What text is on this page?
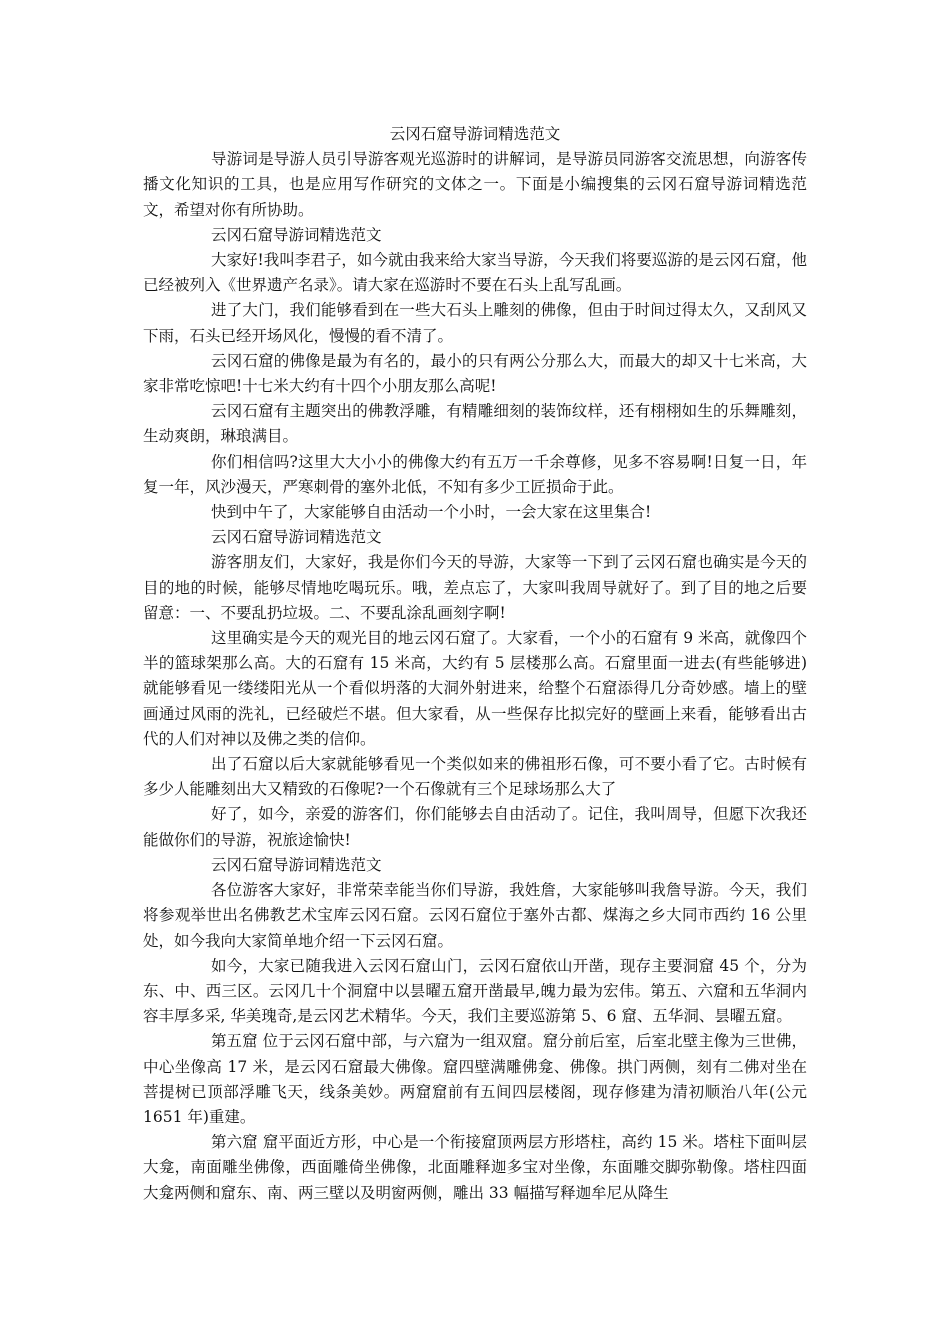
云冈石窟导游词精选范文

导游词是导游人员引导游客观光巡游时的讲解词，是导游员同游客交流思想，向游客传播文化知识的工具，也是应用写作研究的文体之一。下面是小编搜集的云冈石窟导游词精选范文，希望对你有所协助。

云冈石窟导游词精选范文

大家好!我叫李君子，如今就由我来给大家当导游，今天我们将要巡游的是云冈石窟，他已经被列入《世界遗产名录》。请大家在巡游时不要在石头上乱写乱画。

进了大门，我们能够看到在一些大石头上雕刻的佛像，但由于时间过得太久，又刮风又下雨，石头已经开场风化，慢慢的看不清了。

云冈石窟的佛像是最为有名的，最小的只有两公分那么大，而最大的却又十七米高，大家非常吃惊吧!十七米大约有十四个小朋友那么高呢!

云冈石窟有主题突出的佛教浮雕，有精雕细刻的装饰纹样，还有栩栩如生的乐舞雕刻，生动爽朗，琳琅满目。

你们相信吗?这里大大小小的佛像大约有五万一千余尊修，见多不容易啊!日复一日，年复一年，风沙漫天，严寒刺骨的塞外北低，不知有多少工匠损命于此。

快到中午了，大家能够自由活动一个小时，一会大家在这里集合!

云冈石窟导游词精选范文

游客朋友们，大家好，我是你们今天的导游，大家等一下到了云冈石窟也确实是今天的目的地的时候，能够尽情地吃喝玩乐。哦，差点忘了，大家叫我周导就好了。到了目的地之后要留意：一、不要乱扔垃圾。二、不要乱涂乱画刻字啊!

这里确实是今天的观光目的地云冈石窟了。大家看，一个小的石窟有 9 米高，就像四个半的篮球架那么高。大的石窟有 15 米高，大约有 5 层楼那么高。石窟里面一进去(有些能够进)就能够看见一缕缕阳光从一个看似坍落的大洞外射进来，给整个石窟添得几分奇妙感。墙上的壁画通过风雨的洗礼，已经破烂不堪。但大家看，从一些保存比拟完好的壁画上来看，能够看出古代的人们对神以及佛之类的信仰。

出了石窟以后大家就能够看见一个类似如来的佛祖形石像，可不要小看了它。古时候有多少人能雕刻出大又精致的石像呢?一个石像就有三个足球场那么大了

好了，如今，亲爱的游客们，你们能够去自由活动了。记住，我叫周导，但愿下次我还能做你们的导游，祝旅途愉快!

云冈石窟导游词精选范文

各位游客大家好，非常荣幸能当你们导游，我姓詹，大家能够叫我詹导游。今天，我们将参观举世出名佛教艺术宝库云冈石窟。云冈石窟位于塞外古都、煤海之乡大同市西约 16 公里处，如今我向大家简单地介绍一下云冈石窟。

如今，大家已随我进入云冈石窟山门，云冈石窟依山开凿，现存主要洞窟 45 个，分为东、中、西三区。云冈几十个洞窟中以昙曜五窟开凿最早,魄力最为宏伟。第五、六窟和五华洞内容丰厚多采, 华美瑰奇,是云冈艺术精华。今天，我们主要巡游第 5、6 窟、五华洞、昙曜五窟。

第五窟 位于云冈石窟中部，与六窟为一组双窟。窟分前后室，后室北壁主像为三世佛，中心坐像高 17 米，是云冈石窟最大佛像。窟四壁满雕佛龛、佛像。拱门两侧，刻有二佛对坐在菩提树已顶部浮雕飞天，线条美妙。两窟窟前有五间四层楼阁，现存修建为清初顺治八年(公元 1651 年)重建。

第六窟 窟平面近方形，中心是一个衔接窟顶两层方形塔柱，高约 15 米。塔柱下面叫层大龛，南面雕坐佛像，西面雕倚坐佛像，北面雕释迦多宝对坐像，东面雕交脚弥勒像。塔柱四面大龛两侧和窟东、南、两三壁以及明窗两侧，雕出 33 幅描写释迦牟尼从降生
